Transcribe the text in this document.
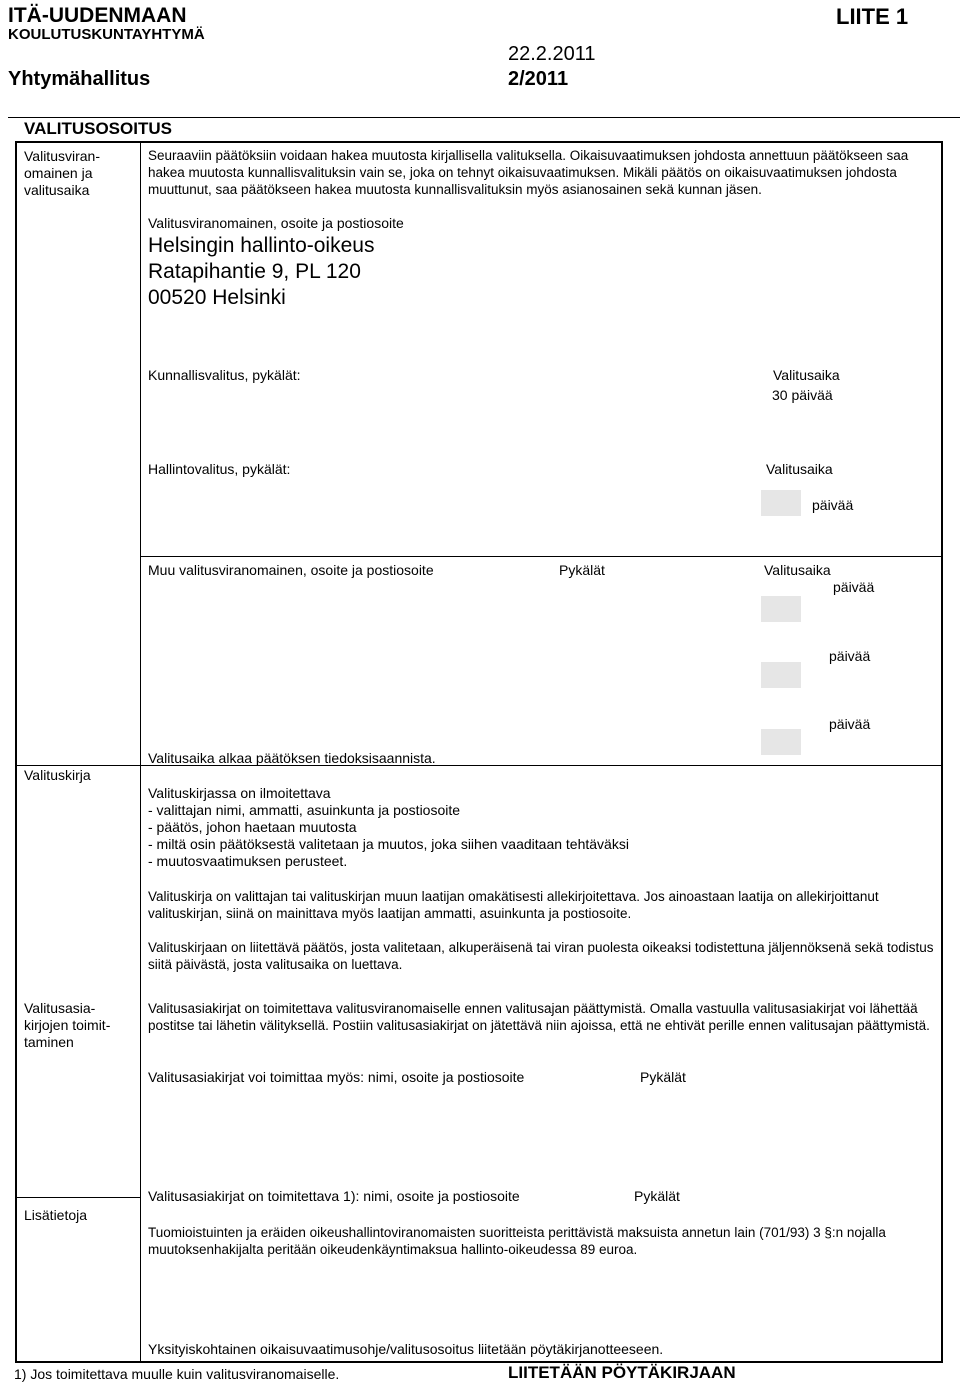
ITÄ-UUDENMAAN
KOULUTUSKUNTAYHTYMÄ
LIITE 1
22.2.2011
Yhtymähallitus	2/2011
VALITUSOSOITUS
Valitusviran-omainen ja valitusaika
Seuraaviin päätöksiin voidaan hakea muutosta kirjallisella valituksella. Oikaisuvaatimuksen johdosta annettuun päätökseen saa hakea muutosta kunnallisvalituksin vain se, joka on tehnyt oikaisuvaatimuksen. Mikäli päätös on oikaisuvaatimuksen johdosta muuttunut, saa päätökseen hakea muutosta kunnallisvalituksin myös asianosainen sekä kunnan jäsen.
Valitusviranomainen, osoite ja postiosoite
Helsingin hallinto-oikeus
Ratapihantie 9, PL 120
00520 Helsinki
Kunnallisvalitus, pykälät:	Valitusaika
30 päivää
Hallintovalitus, pykälät:	Valitusaika
päivää
Muu valitusviranomainen, osoite ja postiosoite	Pykälät	Valitusaika
päivää
päivää
päivää
Valitusaika alkaa päätöksen tiedoksisaannista.
Valituskirja
Valituskirjassa on ilmoitettava
- valittajan nimi, ammatti, asuinkunta ja postiosoite
- päätös, johon haetaan muutosta
- miltä osin päätöksestä valitetaan ja muutos, joka siihen vaaditaan tehtäväksi
- muutosvaatimuksen perusteet.
Valituskirja on valittajan tai valituskirjan muun laatijan omakätisesti allekirjoitettava. Jos ainoastaan laatija on allekirjoittanut valituskirjan, siinä on mainittava myös laatijan ammatti, asuinkunta ja postiosoite.
Valituskirjaan on liitettävä päätös, josta valitetaan, alkuperäisenä tai viran puolesta oikeaksi todistettuna jäljennöksenä sekä todistus siitä päivästä, josta valitusaika on luettava.
Valitusasia-kirjojen toimit-taminen
Valitusasiakirjat on toimitettava valitusviranomaiselle ennen valitusajan päättymistä. Omalla vastuulla valitusasiakirjat voi lähettää postitse tai lähetin välityksellä. Postiin valitusasiakirjat on jätettävä niin ajoissa, että ne ehtivät perille ennen valitusajan päättymistä.
Valitusasiakirjat voi toimittaa myös: nimi, osoite ja postiosoite	Pykälät
Valitusasiakirjat on toimitettava 1): nimi, osoite ja postiosoite	Pykälät
Lisätietoja
Tuomioistuinten ja eräiden oikeushallintoviranomaisten suoritteista perittävistä maksuista annetun lain (701/93) 3 §:n nojalla muutoksenhakijalta peritään oikeudenkäyntimaksua hallinto-oikeudessa 89 euroa.
Yksityiskohtainen oikaisuvaatimusohje/valitusosoitus liitetään pöytäkirjanotteeseen.
1) Jos toimitettava muulle kuin valitusviranomaiselle.	LIITETÄÄN PÖYTÄKIRJAAN
